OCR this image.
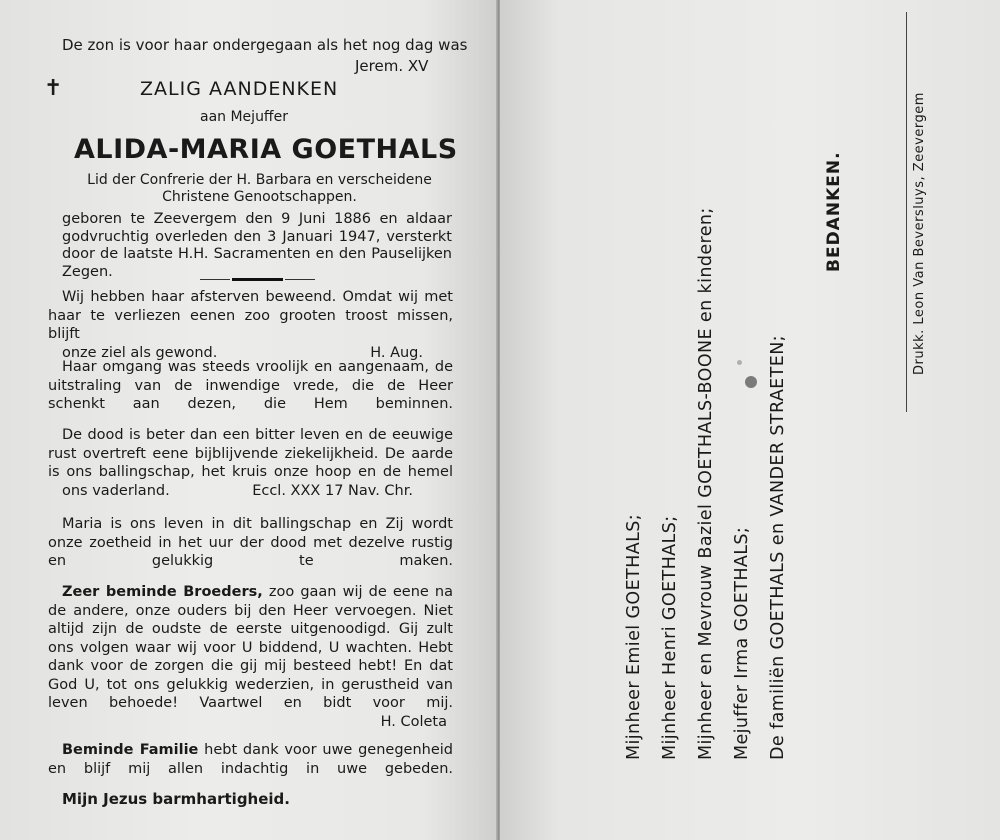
De zon is voor haar ondergegaan als het nog dag was
Jerem. XV
✝	ZALIG AANDENKEN
aan Mejuffer
ALIDA-MARIA GOETHALS
Lid der Confrerie der H. Barbara en verscheidene Christene Genootschappen.
geboren te Zeevergem den 9 Juni 1886 en aldaar godvruchtig overleden den 3 Januari 1947, versterkt door de laatste H.H. Sacramenten en den Pauselijken Zegen.
Wij hebben haar afsterven beweend. Omdat wij met haar te verliezen eenen zoo grooten troost missen, blijft
onze ziel als gewond.	H. Aug.
Haar omgang was steeds vroolijk en aangenaam, de uitstraling van de inwendige vrede, die de Heer schenkt aan dezen, die Hem beminnen.
De dood is beter dan een bitter leven en de eeuwige rust overtreft eene bijblijvende ziekelijkheid. De aarde is ons ballingschap, het kruis onze hoop en de hemel
ons vaderland.	Eccl. XXX 17 Nav. Chr.
Maria is ons leven in dit ballingschap en Zij wordt onze zoetheid in het uur der dood met dezelve rustig en gelukkig te maken.
Zeer beminde Broeders, zoo gaan wij de eene na de andere, onze ouders bij den Heer vervoegen. Niet altijd zijn de oudste de eerste uitgenoodigd. Gij zult ons volgen waar wij voor U biddend, U wachten. Hebt dank voor de zorgen die gij mij besteed hebt! En dat God U, tot ons gelukkig wederzien, in gerustheid van leven behoede! Vaartwel en bidt voor mij.
H. Coleta
Beminde Familie hebt dank voor uwe genegenheid en blijf mij allen indachtig in uwe gebeden.
Mijn Jezus barmhartigheid.
Mijnheer Emiel GOETHALS; Mijnheer Henri GOETHALS; Mijnheer en Mevrouw Baziel GOETHALS-BOONE en kinderen; Mejuffer Irma GOETHALS; De familiën GOETHALS en VANDER STRAETEN;
BEDANKEN.	Drukk. Leon Van Beversluys, Zeevergem
